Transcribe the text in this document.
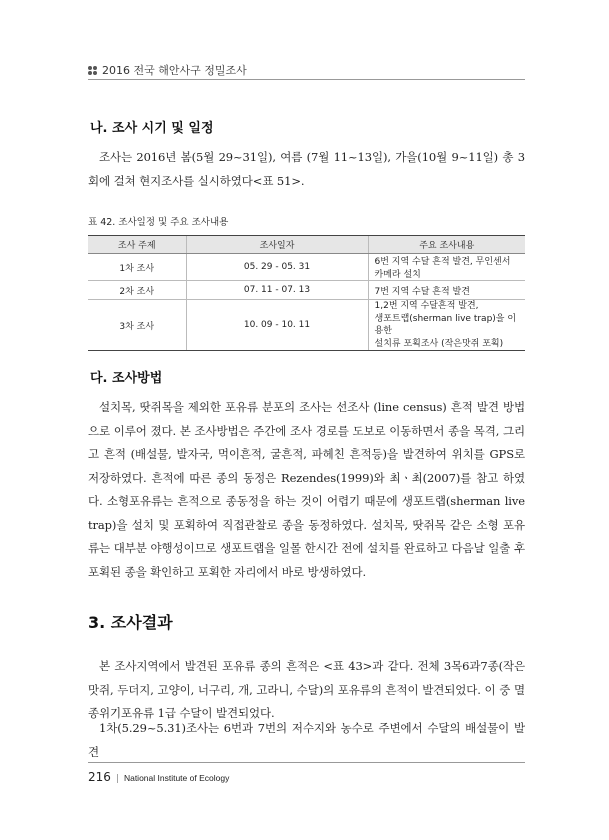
2016 전국 해안사구 정밀조사
나. 조사 시기 및 일정

조사는 2016년 봄(5월 29~31일), 여름 (7월 11~13일), 가을(10월 9~11일) 총 3회에 걸쳐 현지조사를 실시하였다<표 51>.

표 42. 조사일정 및 주요 조사내용
조사 주제	조사일자	주요 조사내용
1차 조사	05. 29 - 05. 31	6번 지역 수달 흔적 발견, 무인센서카메라 설치
2차 조사	07. 11 - 07. 13	7번 지역 수달 흔적 발견
3차 조사	10. 09 - 10. 11	1,2번 지역 수달흔적 발견,
생포트랩(sherman live trap)을 이용한
설치류 포획조사 (작은맛쥐 포획)
다. 조사방법

설치목, 땃쥐목을 제외한 포유류 분포의 조사는 선조사 (line census) 흔적 발견 방법으로 이루어 졌다. 본 조사방법은 주간에 조사 경로를 도보로 이동하면서 종을 목격, 그리고 흔적 (배설물, 발자국, 먹이흔적, 굴흔적, 파헤친 흔적등)을 발견하여 위치를 GPS로 저장하였다. 흔적에 따른 종의 동정은 Rezendes(1999)와 최ㆍ최(2007)를 참고 하였다. 소형포유류는 흔적으로 종동정을 하는 것이 어렵기 때문에 생포트랩(sherman live trap)을 설치 및 포획하여 직접관찰로 종을 동정하였다. 설치목, 땃쥐목 같은 소형 포유류는 대부분 야행성이므로 생포트랩을 일몰 한시간 전에 설치를 완료하고 다음날 일출 후 포획된 종을 확인하고 포획한 자리에서 바로 방생하였다.

3. 조사결과

본 조사지역에서 발견된 포유류 종의 흔적은 <표 43>과 같다. 전체 3목6과7종(작은맛쥐, 두더지, 고양이, 너구리, 개, 고라니, 수달)의 포유류의 흔적이 발견되었다. 이 중 멸종위기포유류 1급 수달이 발견되었다.

1차(5.29~5.31)조사는 6번과 7번의 저수지와 농수로 주변에서 수달의 배설물이 발견

216 | National Institute of Ecology
